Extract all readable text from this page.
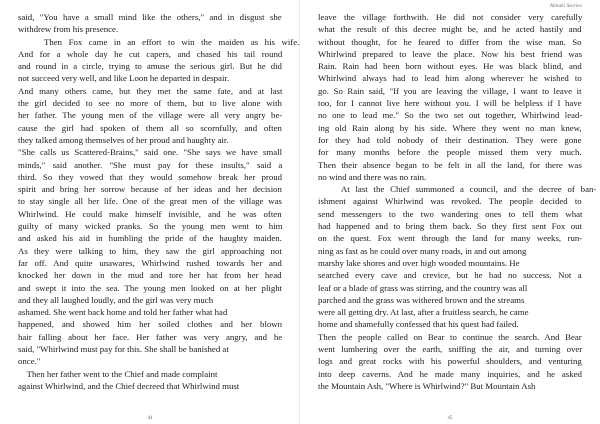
said, "You have a small mind like the others," and in disgust she
withdrew from his presence.
Then Fox came in an effort to win the maiden as his wife.
And for a whole day he cut capers, and chased his tail round
and round in a circle, trying to amuse the serious girl. But he did
not succeed very well, and like Loon he departed in despair.
And many others came, but they met the same fate, and at last
the girl decided to see no more of them, but to live alone with
her father. The young men of the village were all very angry be-
cause the girl had spoken of them all so scornfully, and often
they talked among themselves of her proud and haughty air.
"She calls us Scattered-Brains," said one. "She says we have small
minds," said another. "She must pay for these insults," said a
third. So they vowed that they would somehow break her proud
spirit and bring her sorrow because of her ideas and her decision
to stay single all her life. One of the great men of the village was
Whirlwind. He could make himself invisible, and he was often
guilty of many wicked pranks. So the young men went to him
and asked his aid in humbling the pride of the haughty maiden.
As they were talking to him, they saw the girl approaching not
far off. And quite unawares, Whirlwind rushed towards her and
knocked her down in the mud and tore her hat from her head
and swept it into the sea. The young men looked on at her plight
and they all laughed loudly, and the girl was very much
ashamed. She went back home and told her father what had
happened, and showed him her soiled clothes and her blown
hair falling about her face. Her father was very angry, and he
said, "Whirlwind must pay for this. She shall be banished at
once."
Then her father went to the Chief and made complaint
against Whirlwind, and the Chief decreed that Whirlwind must
44
Abnaki Stories
leave the village forthwith. He did not consider very carefully
what the result of this decree might be, and he acted hastily and
without thought, for he feared to differ from the wise man. So
Whirlwind prepared to leave the place. Now his best friend was
Rain. Rain had been born without eyes. He was black blind, and
Whirlwind always had to lead him along wherever he wished to
go. So Rain said, "If you are leaving the village, I want to leave it
too, for I cannot live here without you. I will be helpless if I have
no one to lead me." So the two set out together, Whirlwind lead-
ing old Rain along by his side. Where they went no man knew,
for they had told nobody of their destination. They were gone
for many months before the people missed them very much.
Then their absence began to be felt in all the land, for there was
no wind and there was no rain.
At last the Chief summoned a council, and the decree of ban-
ishment against Whirlwind was revoked. The people decided to
send messengers to the two wandering ones to tell them what
had happened and to bring them back. So they first sent Fox out
on the quest. Fox went through the land for many weeks, run-
ning as fast as he could over many roads, in and out among
marshy lake shores and over high wooded mountains. He
searched every cave and crevice, but he had no success. Not a
leaf or a blade of grass was stirring, and the country was all
parched and the grass was withered brown and the streams
were all getting dry. At last, after a fruitless search, he came
home and shamefully confessed that his quest had failed.
Then the people called on Bear to continue the search. And Bear
went lumbering over the earth, sniffing the air, and turning over
logs and great rocks with his powerful shoulders, and venturing
into deep caverns. And he made many inquiries, and he asked
the Mountain Ash, "Where is Whirlwind?" But Mountain Ash
45
